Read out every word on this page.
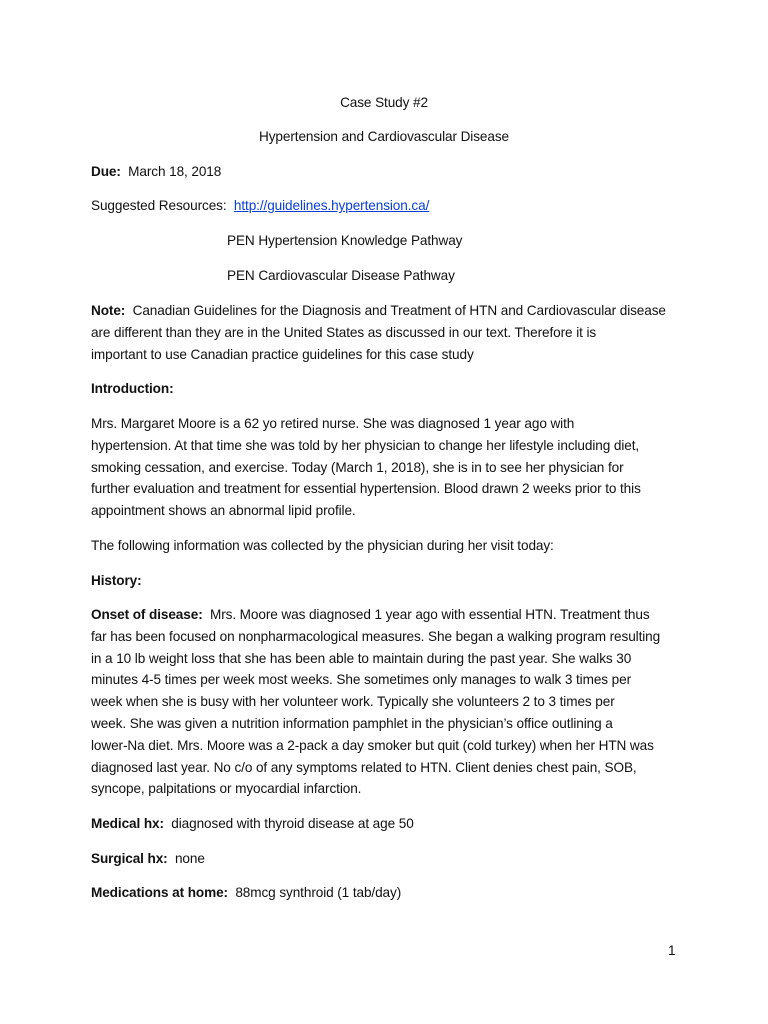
Case Study #2

Hypertension and Cardiovascular Disease

Due: March 18, 2018

Suggested Resources: http://guidelines.hypertension.ca/

PEN Hypertension Knowledge Pathway

PEN Cardiovascular Disease Pathway

Note: Canadian Guidelines for the Diagnosis and Treatment of HTN and Cardiovascular disease
are different than they are in the United States as discussed in our text. Therefore it is
important to use Canadian practice guidelines for this case study

Introduction:

Mrs. Margaret Moore is a 62 yo retired nurse. She was diagnosed 1 year ago with
hypertension. At that time she was told by her physician to change her lifestyle including diet,
smoking cessation, and exercise. Today (March 1, 2018), she is in to see her physician for
further evaluation and treatment for essential hypertension. Blood drawn 2 weeks prior to this
appointment shows an abnormal lipid profile.

The following information was collected by the physician during her visit today:

History:

Onset of disease: Mrs. Moore was diagnosed 1 year ago with essential HTN. Treatment thus
far has been focused on nonpharmacological measures. She began a walking program resulting
in a 10 lb weight loss that she has been able to maintain during the past year. She walks 30
minutes 4-5 times per week most weeks. She sometimes only manages to walk 3 times per
week when she is busy with her volunteer work. Typically she volunteers 2 to 3 times per
week. She was given a nutrition information pamphlet in the physician’s office outlining a
lower-Na diet. Mrs. Moore was a 2-pack a day smoker but quit (cold turkey) when her HTN was
diagnosed last year. No c/o of any symptoms related to HTN. Client denies chest pain, SOB,
syncope, palpitations or myocardial infarction.

Medical hx: diagnosed with thyroid disease at age 50

Surgical hx: none

Medications at home: 88mcg synthroid (1 tab/day)

1
